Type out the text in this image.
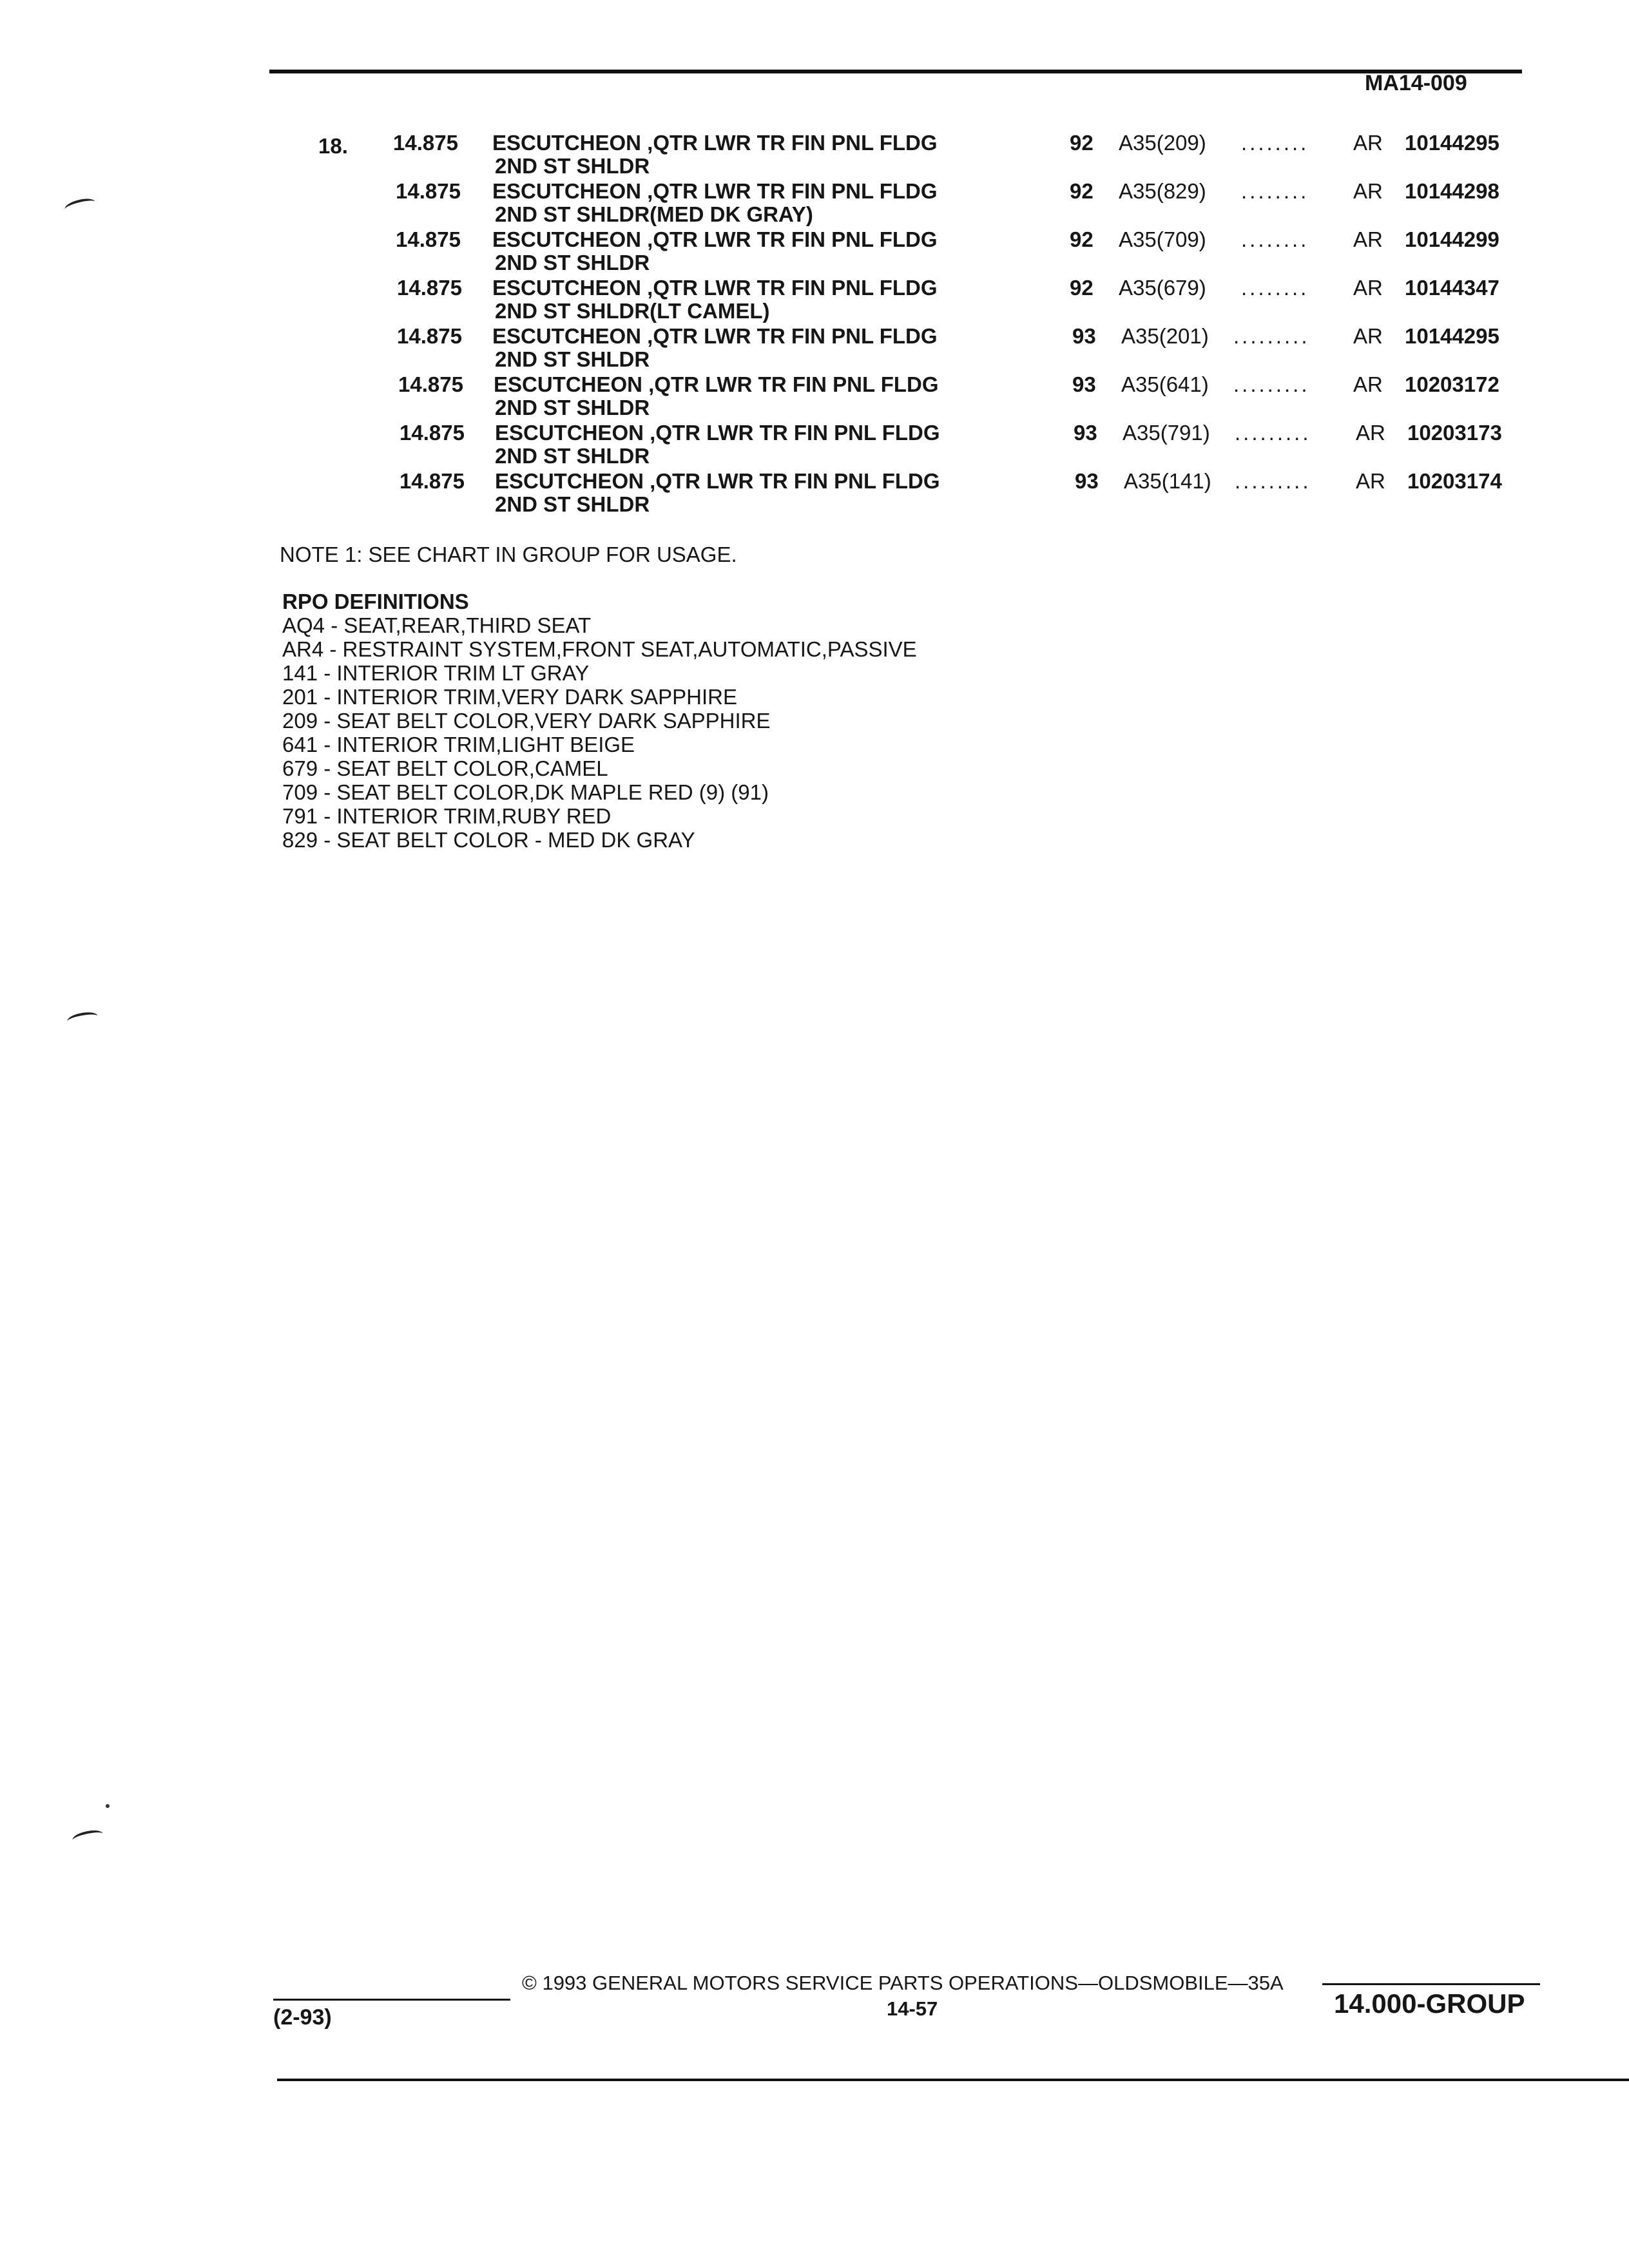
MA14-009
18. 14.875 ESCUTCHEON ,QTR LWR TR FIN PNL FLDG
2ND ST SHLDR
92 A35(209) ........ AR 10144295
14.875 ESCUTCHEON ,QTR LWR TR FIN PNL FLDG
2ND ST SHLDR(MED DK GRAY)
92 A35(829) ........ AR 10144298
14.875 ESCUTCHEON ,QTR LWR TR FIN PNL FLDG
2ND ST SHLDR
92 A35(709) ........ AR 10144299
14.875 ESCUTCHEON ,QTR LWR TR FIN PNL FLDG
2ND ST SHLDR(LT CAMEL)
92 A35(679) ........ AR 10144347
14.875 ESCUTCHEON ,QTR LWR TR FIN PNL FLDG
2ND ST SHLDR
93 A35(201) ......... AR 10144295
14.875 ESCUTCHEON ,QTR LWR TR FIN PNL FLDG
2ND ST SHLDR
93 A35(641) ......... AR 10203172
14.875 ESCUTCHEON ,QTR LWR TR FIN PNL FLDG
2ND ST SHLDR
93 A35(791) ......... AR 10203173
14.875 ESCUTCHEON ,QTR LWR TR FIN PNL FLDG
2ND ST SHLDR
93 A35(141) ......... AR 10203174
NOTE 1: SEE CHART IN GROUP FOR USAGE.
RPO DEFINITIONS
AQ4 - SEAT,REAR,THIRD SEAT
AR4 - RESTRAINT SYSTEM,FRONT SEAT,AUTOMATIC,PASSIVE
141 - INTERIOR TRIM LT GRAY
201 - INTERIOR TRIM,VERY DARK SAPPHIRE
209 - SEAT BELT COLOR,VERY DARK SAPPHIRE
641 - INTERIOR TRIM,LIGHT BEIGE
679 - SEAT BELT COLOR,CAMEL
709 - SEAT BELT COLOR,DK MAPLE RED (9) (91)
791 - INTERIOR TRIM,RUBY RED
829 - SEAT BELT COLOR - MED DK GRAY
© 1993 GENERAL MOTORS SERVICE PARTS OPERATIONS—OLDSMOBILE—35A
(2-93)	14-57	14.000-GROUP
